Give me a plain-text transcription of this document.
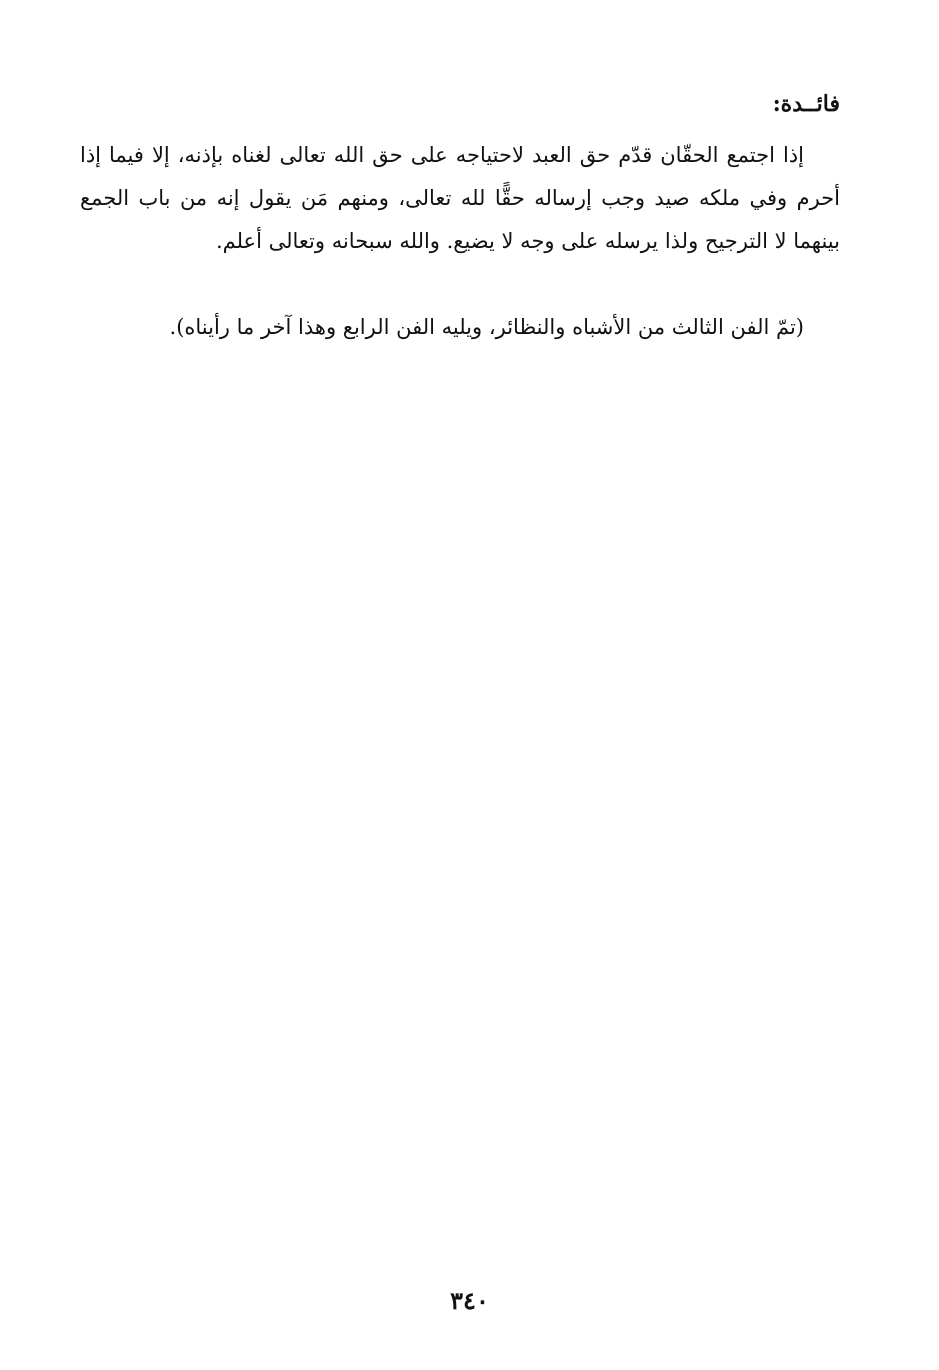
فائــدة:
إذا اجتمع الحقّان قدّم حق العبد لاحتياجه على حق الله تعالى لغناه بإذنه، إلا فيما إذا أحرم وفي ملكه صيد وجب إرساله حقًّا لله تعالى، ومنهم مَن يقول إنه من باب الجمع بينهما لا الترجيح ولذا يرسله على وجه لا يضيع. والله سبحانه وتعالى أعلم.
(تمّ الفن الثالث من الأشباه والنظائر، ويليه الفن الرابع وهذا آخر ما رأيناه).
٣٤٠
